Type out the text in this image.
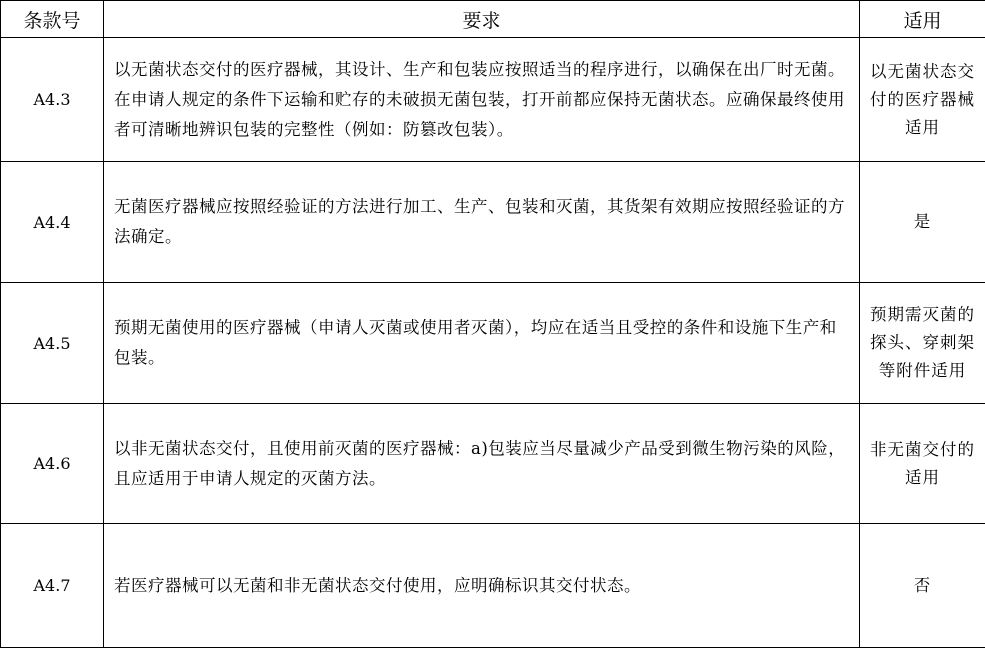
条款号	要求	适用
A4.3	以无菌状态交付的医疗器械，其设计、生产和包装应按照适当的程序进行，以确保在出厂时无菌。在申请人规定的条件下运输和贮存的未破损无菌包装，打开前都应保持无菌状态。应确保最终使用者可清晰地辨识包装的完整性（例如：防篡改包装）。	以无菌状态交付的医疗器械适用
A4.4	无菌医疗器械应按照经验证的方法进行加工、生产、包装和灭菌，其货架有效期应按照经验证的方法确定。	是
A4.5	预期无菌使用的医疗器械（申请人灭菌或使用者灭菌），均应在适当且受控的条件和设施下生产和包装。	预期需灭菌的探头、穿刺架等附件适用
A4.6	以非无菌状态交付，且使用前灭菌的医疗器械：a)包装应当尽量减少产品受到微生物污染的风险，且应适用于申请人规定的灭菌方法。	非无菌交付的适用
A4.7	若医疗器械可以无菌和非无菌状态交付使用，应明确标识其交付状态。	否
